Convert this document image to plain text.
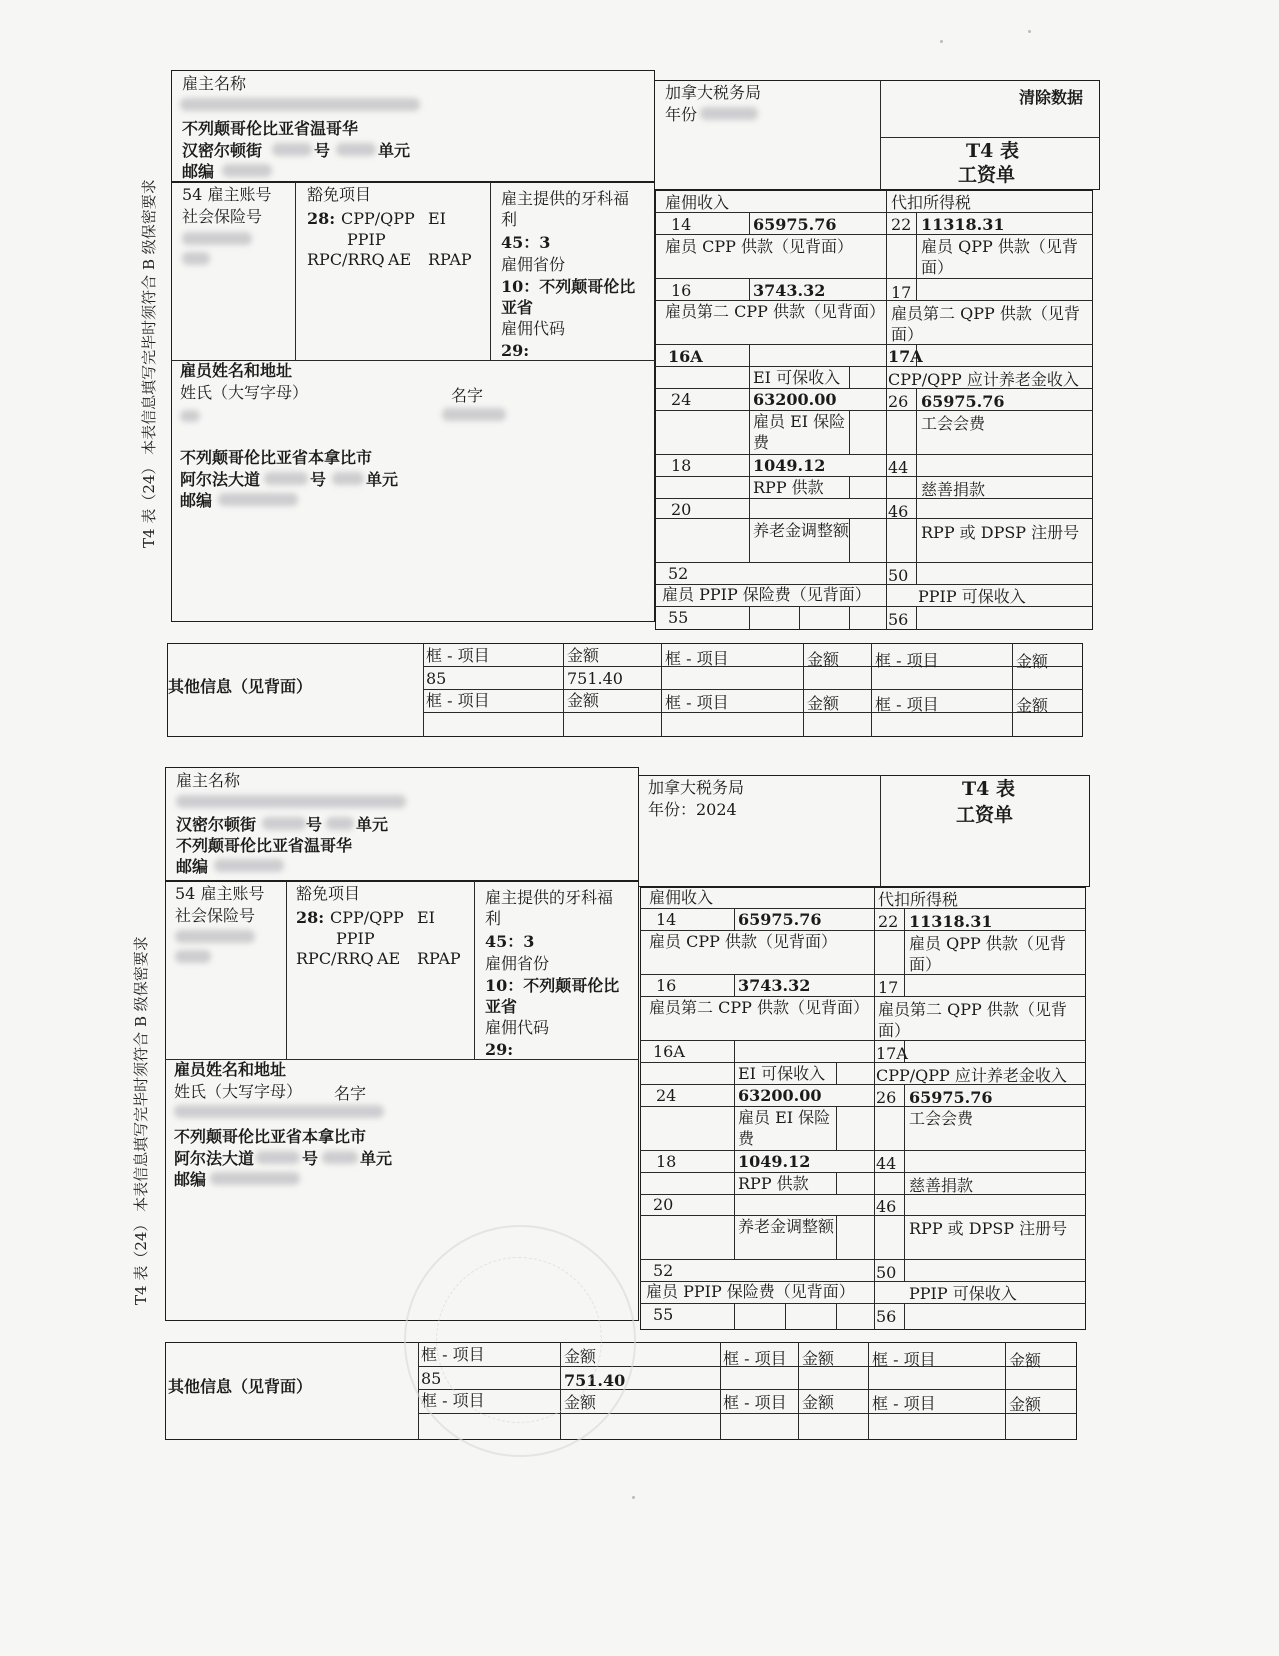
T4 表（24） 本表信息填写完毕时须符合 B 级保密要求
雇主名称
不列颠哥伦比亚省温哥华
汉密尔顿街	号	单元
邮编
加拿大税务局
年份
清除数据
T4 表
工资单
54 雇主账号
社会保险号
豁免项目
28: CPP/QPP EI
PPIP
RPC/RRQ AE RPAP
雇主提供的牙科福利
45：3
雇佣省份
10：不列颠哥伦比亚省
雇佣代码
29:
雇员姓名和地址
姓氏（大写字母）	名字
不列颠哥伦比亚省本拿比市
阿尔法大道	号 单元
邮编
雇佣收入	代扣所得税
14	65975.76	22 11318.31
雇员 CPP 供款（见背面）	雇员 QPP 供款（见背面）
16	3743.32	17
雇员第二 CPP 供款（见背面） 雇员第二 QPP 供款（见背面）
16A	17A
EI 可保收入	CPP/QPP 应计养老金收入
24	63200.00	26 65975.76
雇员 EI 保险费
工会会费
18	1049.12	44
RPP 供款	慈善捐款
20	46
养老金调整额	RPP 或 DPSP 注册号
52	50
雇员 PPIP 保险费（见背面）	PPIP 可保收入
55	56
其他信息（见背面）
框 - 项目	金额	框 - 项目	金额 框 - 项目	金额
85	751.40
框 - 项目	金额	框 - 项目	金额 框 - 项目	金额
T4 表（24） 本表信息填写完毕时须符合 B 级保密要求
雇主名称
汉密尔顿街	号 单元
不列颠哥伦比亚省温哥华
邮编
加拿大税务局
年份：2024
T4 表
工资单
54 雇主账号
社会保险号
豁免项目
28: CPP/QPP EI
PPIP
RPC/RRQ AE RPAP
雇主提供的牙科福利
45：3
雇佣省份
10：不列颠哥伦比亚省
雇佣代码
29:
雇员姓名和地址
姓氏（大写字母） 名字
不列颠哥伦比亚省本拿比市
阿尔法大道	号	单元
邮编
雇佣收入	代扣所得税
14	65975.76	22 11318.31
雇员 CPP 供款（见背面）	雇员 QPP 供款（见背面）
16	3743.32	17
雇员第二 CPP 供款（见背面） 雇员第二 QPP 供款（见背面）
16A	17A
EI 可保收入	CPP/QPP 应计养老金收入
24	63200.00	26 65975.76
雇员 EI 保险费
工会会费
18	1049.12	44
RPP 供款	慈善捐款
20	46
养老金调整额	RPP 或 DPSP 注册号
52	50
雇员 PPIP 保险费（见背面）	PPIP 可保收入
55	56
其他信息（见背面）
框 - 项目	金额	框 - 项目 金额 框 - 项目	金额
85	751.40
框 - 项目	金额	框 - 项目 金额 框 - 项目	金额
